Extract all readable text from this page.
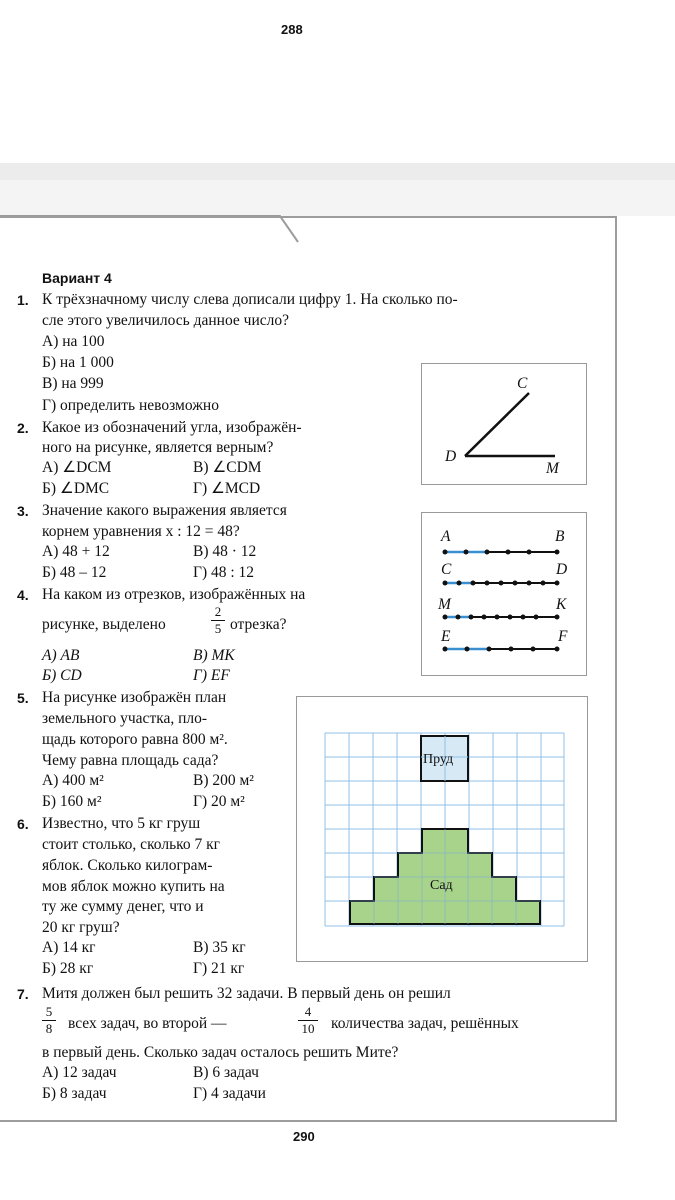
288
Вариант 4
1. К трёхзначному числу слева дописали цифру 1. На сколько по-
сле этого увеличилось данное число?
А) на 100
Б) на 1 000
В) на 999
Г) определить невозможно
C
D
M
2. Какое из обозначений угла, изображён-
ного на рисунке, является верным?
А) ∠DCM	В) ∠CDM
Б) ∠DMC	Г) ∠MCD
3. Значение какого выражения является
корнем уравнения x : 12 = 48?
А) 48 + 12	В) 48 · 12
Б) 48 – 12	Г) 48 : 12
A	B
C	D
M	K
E	F
4. На каком из отрезков, изображённых на
рисунке, выделено
2
5 отрезка?
А) AB	В) MK
Б) CD	Г) EF
5. На рисунке изображён план
земельного участка, пло-
щадь которого равна 800 м².
Чему равна площадь сада?
А) 400 м²	В) 200 м²
Б) 160 м²	Г) 20 м²
Пруд
Сад
6. Известно, что 5 кг груш
стоит столько, сколько 7 кг
яблок. Сколько килограм-
мов яблок можно купить на
ту же сумму денег, что и
20 кг груш?
А) 14 кг	В) 35 кг
Б) 28 кг	Г) 21 кг
7. Митя должен был решить 32 задачи. В первый день он решил
5
8 всех задач, во второй —
4
10 количества задач, решённых
в первый день. Сколько задач осталось решить Мите?
А) 12 задач	В) 6 задач
Б) 8 задач	Г) 4 задачи
290
